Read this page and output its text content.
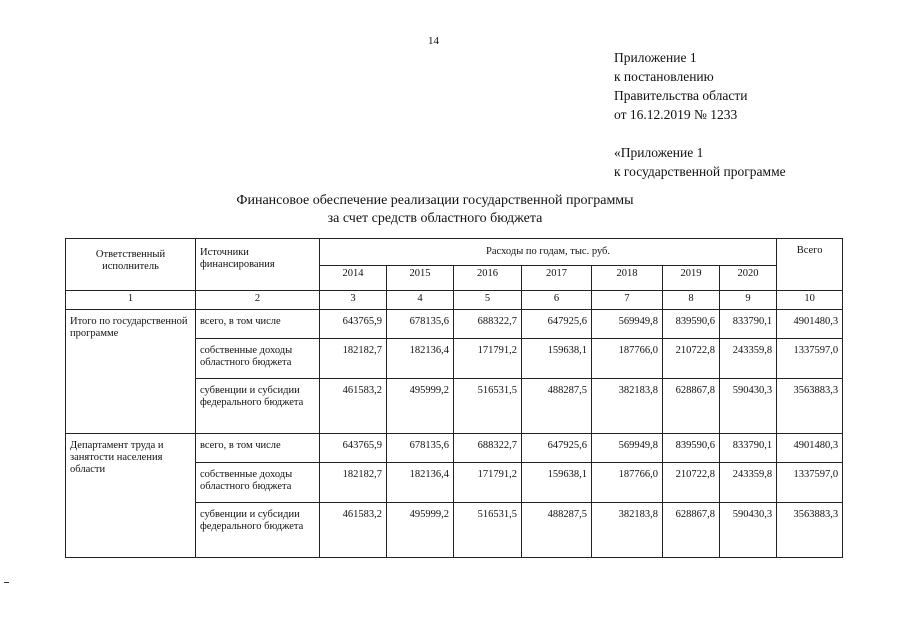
14
Приложение 1
к постановлению
Правительства области
от 16.12.2019 № 1233
«Приложение 1
к государственной программе
Финансовое обеспечение реализации государственной программы
за счет средств областного бюджета
Ответственный исполнитель	Источники финансирования	Расходы по годам, тыс. руб.							Всего
		2014	2015	2016	2017	2018	2019	2020	
1	2	3	4	5	6	7	8	9	10
Итого по государственной программе	всего, в том числе	643765,9	678135,6	688322,7	647925,6	569949,8	839590,6	833790,1	4901480,3
	собственные доходы областного бюджета	182182,7	182136,4	171791,2	159638,1	187766,0	210722,8	243359,8	1337597,0
	субвенции и субсидии федерального бюджета	461583,2	495999,2	516531,5	488287,5	382183,8	628867,8	590430,3	3563883,3
Департамент труда и занятости населения области	всего, в том числе	643765,9	678135,6	688322,7	647925,6	569949,8	839590,6	833790,1	4901480,3
	собственные доходы областного бюджета	182182,7	182136,4	171791,2	159638,1	187766,0	210722,8	243359,8	1337597,0
	субвенции и субсидии федерального бюджета	461583,2	495999,2	516531,5	488287,5	382183,8	628867,8	590430,3	3563883,3
